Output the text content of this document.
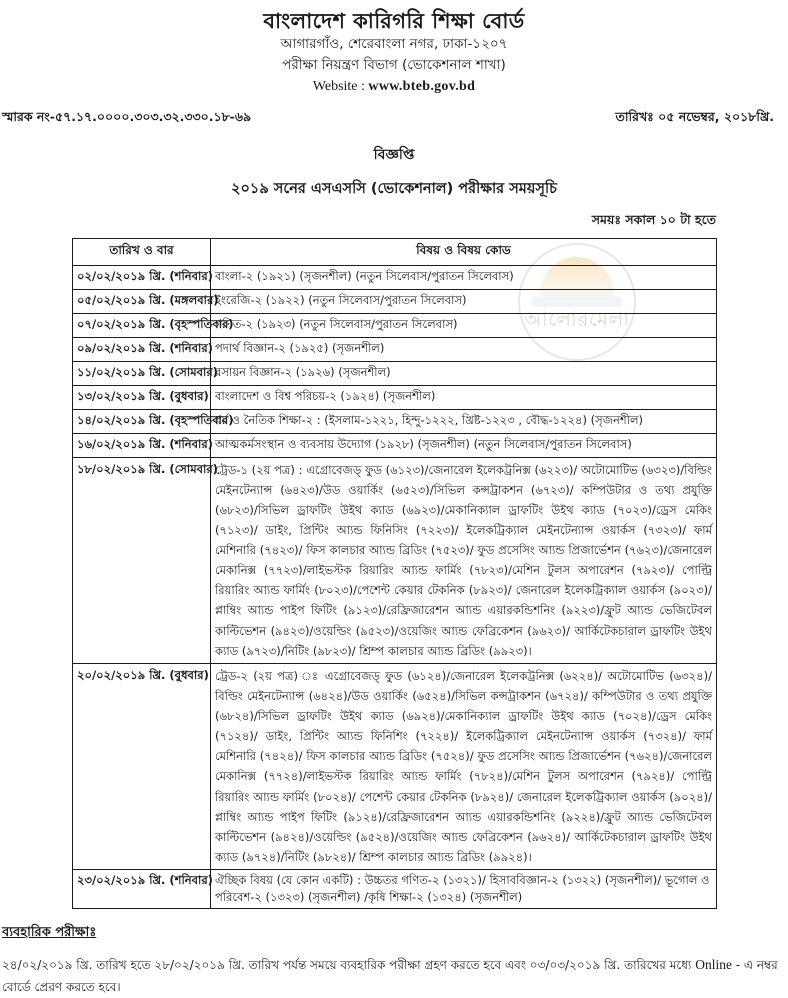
আলোরমেলা
বাংলাদেশ কারিগরি শিক্ষা বোর্ড
আগারগাঁও, শেরেবাংলা নগর, ঢাকা-১২০৭
পরীক্ষা নিয়ন্ত্রণ বিভাগ (ভোকেশনাল শাখা)
Website : www.bteb.gov.bd
স্মারক নং-৫৭.১৭.০০০০.৩০৩.৩২.৩৩০.১৮-৬৯	তারিখঃ ০৫ নভেম্বর, ২০১৮খ্রি.
বিজ্ঞপ্তি
২০১৯ সনের এসএসসি (ভোকেশনাল) পরীক্ষার সময়সূচি
সময়ঃ সকাল ১০ টা হতে
তারিখ ও বার	বিষয় ও বিষয় কোড
০২/০২/২০১৯ খ্রি. (শনিবার)	বাংলা-২ (১৯২১) (সৃজনশীল) (নতুন সিলেবাস/পুরাতন সিলেবাস)
০৫/০২/২০১৯ খ্রি. (মঙ্গলবার)	ইংরেজি-২ (১৯২২) (নতুন সিলেবাস/পুরাতন সিলেবাস)
০৭/০২/২০১৯ খ্রি. (বৃহস্পতিবার)	গণিত-২ (১৯২৩) (নতুন সিলেবাস/পুরাতন সিলেবাস)
০৯/০২/২০১৯ খ্রি. (শনিবার)	পদার্থ বিজ্ঞান-২ (১৯২৫) (সৃজনশীল)
১১/০২/২০১৯ খ্রি. (সোমবার)	রসায়ন বিজ্ঞান-২ (১৯২৬) (সৃজনশীল)
১৩/০২/২০১৯ খ্রি. (বুধবার)	বাংলাদেশ ও বিশ্ব পরিচয়-২ (১৯২৪) (সৃজনশীল)
১৪/০২/২০১৯ খ্রি. (বৃহস্পতিবার)	ধর্ম ও নৈতিক শিক্ষা-২ : (ইসলাম-১২২১, হিন্দু-১২২২, খ্রিষ্ট-১২২৩ , বৌদ্ধ-১২২৪) (সৃজনশীল)
১৬/০২/২০১৯ খ্রি. (শনিবার)	আত্মকর্মসংস্থান ও ব্যবসায় উদ্যোগ (১৯২৮) (সৃজনশীল) (নতুন সিলেবাস/পুরাতন সিলেবাস)
১৮/০২/২০১৯ খ্রি. (সোমবার)	ট্রেড-১ (২য় পত্র) : এগ্রোবেজড্ ফুড (৬১২৩)/জেনারেল ইলেকট্রনিক্স (৬২২৩)/ অটোমোটিভ (৬৩২৩)/বিল্ডিং মেইনটেন্যান্স (৬৪২৩)/উড ওয়ার্কিং (৬৫২৩)/সিভিল কন্সট্রাকশন (৬৭২৩)/ কম্পিউটার ও তথ্য প্রযুক্তি (৬৮২৩)/সিভিল ড্রাফটিং উইথ ক্যাড (৬৯২৩)/মেকানিক্যাল ড্রাফটিং উইথ ক্যাড (৭০২৩)/ড্রেস মেকিং (৭১২৩)/ ডাইং, প্রিন্টিং আ্যন্ড ফিনিসিং (৭২২৩)/ ইলেকট্রিক্যাল মেইনটেন্যান্স ওয়ার্কস (৭৩২৩)/ ফার্ম মেশিনারি (৭৪২৩)/ ফিস কালচার আ্যন্ড ব্রিডিং (৭৫২৩)/ ফুড প্রসেসিং আ্যন্ড প্রিজার্ভেশন (৭৬২৩)/জেনারেল মেকানিক্স (৭৭২৩)/লাইভস্টক রিয়ারিং আ্যন্ড ফার্মিং (৭৮২৩)/মেশিন টুলস অপারেশন (৭৯২৩)/ পোল্ট্রি রিয়ারিং আ্যন্ড ফার্মিং (৮০২৩)/পেশেন্ট কেয়ার টেকনিক (৮৯২৩)/ জেনারেল ইলেকট্রিক্যাল ওয়ার্কস (৯০২৩)/প্লাম্বিং আ্যন্ড পাইপ ফিটিং (৯১২৩)/রেফ্রিজারেশন আ্যন্ড এয়ারকন্ডিশনিং (৯২২৩)/ফ্রুট আ্যন্ড ভেজিটেবল কাল্টিভেশন (৯৪২৩)/ওয়েল্ডিং (৯৫২৩)/ওয়েজিং আ্যন্ড ফেব্রিকেশন (৯৬২৩)/ আর্কিটেকচারাল ড্রাফটিং উইথ ক্যাড (৯৭২৩)/নিটিং (৯৮২৩)/ শ্রিম্প কালচার আ্যন্ড ব্রিডিং (৯৯২৩)।
২০/০২/২০১৯ খ্রি. (বুধবার)	ট্রেড-২ (২য় পত্র) ঃ এগ্রোবেজড্ ফুড (৬১২৪)/জেনারেল ইলেকট্রনিক্স (৬২২৪)/ অটোমোটিভ (৬৩২৪)/বিল্ডিং মেইনটেন্যান্স (৬৪২৪)/উড ওয়ার্কিং (৬৫২৪)/সিভিল কন্সট্রাকশন (৬৭২৪)/ কম্পিউটার ও তথ্য প্রযুক্তি (৬৮২৪)/সিভিল ড্রাফটিং উইথ ক্যাড (৬৯২৪)/মেকানিক্যাল ড্রাফটিং উইথ ক্যাড (৭০২৪)/ড্রেস মেকিং (৭১২৪)/ ডাইং, প্রিন্টিং আ্যন্ড ফিনিশিং (৭২২৪)/ ইলেকট্রিক্যাল মেইনটেন্যান্স ওয়ার্কস (৭৩২৪)/ ফার্ম মেশিনারি (৭৪২৪)/ ফিস কালচার আ্যন্ড ব্রিডিং (৭৫২৪)/ ফুড প্রসেসিং আ্যন্ড প্রিজার্ভেশন (৭৬২৪)/জেনারেল মেকানিক্স (৭৭২৪)/লাইভস্টক রিয়ারিং আ্যন্ড ফার্মিং (৭৮২৪)/মেশিন টুলস অপারেশন (৭৯২৪)/ পোল্ট্রি রিয়ারিং আ্যন্ড ফার্মিং (৮০২৪)/ পেশেন্ট কেয়ার টেকনিক (৮৯২৪)/ জেনারেল ইলেকট্রিক্যাল ওয়ার্কস (৯০২৪)/প্লাম্বিং আ্যন্ড পাইপ ফিটিং (৯১২৪)/রেফ্রিজারেশন আ্যন্ড এয়ারকন্ডিশনিং (৯২২৪)/ফ্রুট আ্যন্ড ভেজিটেবল কাল্টিভেশন (৯৪২৪)/ওয়েল্ডিং (৯৫২৪)/ওয়েজিং আ্যন্ড ফেব্রিকেশন (৯৬২৪)/ আর্কিটেকচারাল ড্রাফটিং উইথ ক্যাড (৯৭২৪)/নিটিং (৯৮২৪)/ শ্রিম্প কালচার আ্যন্ড ব্রিডিং (৯৯২৪)।
২৩/০২/২০১৯ খ্রি. (শনিবার)	ঐচ্ছিক বিষয় (যে কোন একটি) : উচ্চতর গণিত-২ (১৩২১)/ হিসাববিজ্ঞান-২ (১৩২২) (সৃজনশীল)/ ভূগোল ও পরিবেশ-২ (১৩২৩) (সৃজনশীল) /কৃষি শিক্ষা-২ (১৩২৪) (সৃজনশীল)
ব্যবহারিক পরীক্ষাঃ
২৪/০২/২০১৯ খ্রি. তারিখ হতে ২৮/০২/২০১৯ খ্রি. তারিখ পর্যন্ত সময়ে ব্যবহারিক পরীক্ষা গ্রহণ করতে হবে এবং ০৩/০৩/২০১৯ খ্রি. তারিখের মধ্যে Online - এ নম্বর বোর্ডে প্রেরণ করতে হবে।
